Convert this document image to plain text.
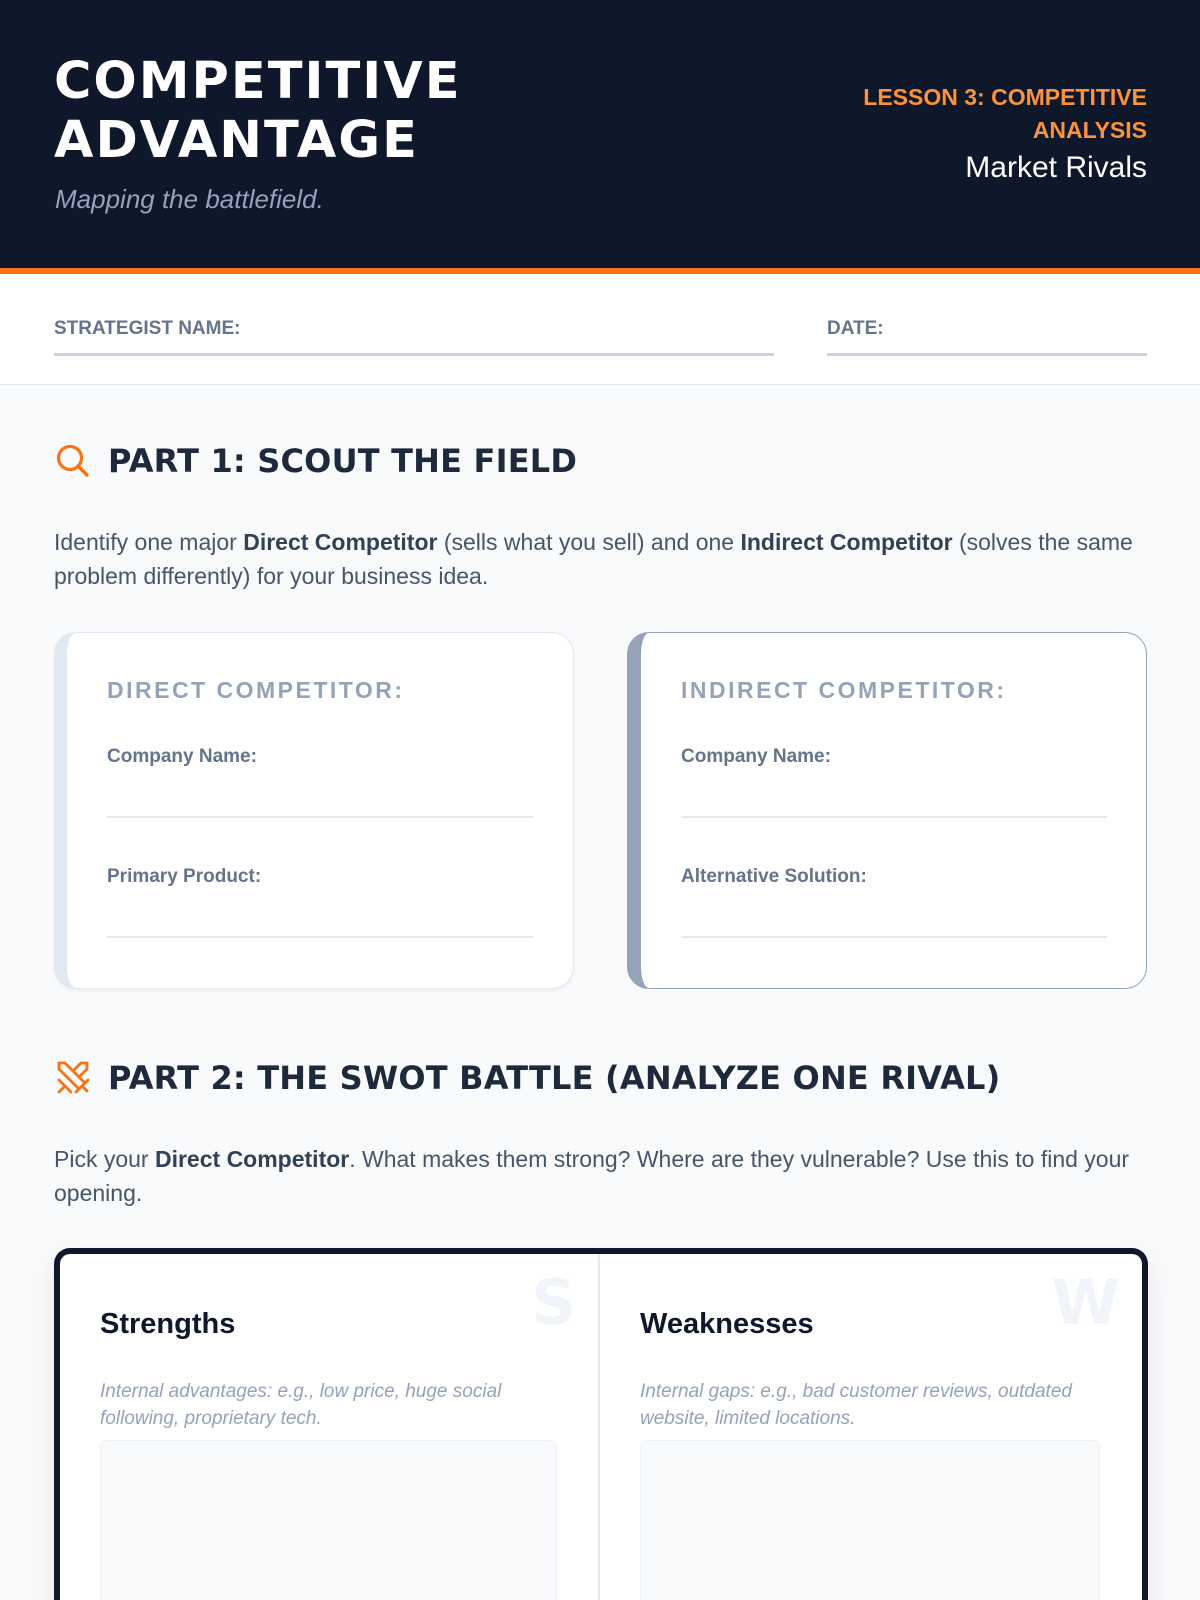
COMPETITIVE ADVANTAGE
Mapping the battlefield.
LESSON 3: COMPETITIVE ANALYSIS
Market Rivals
STRATEGIST NAME:	DATE:
PART 1: SCOUT THE FIELD

Identify one major Direct Competitor (sells what you sell) and one Indirect Competitor (solves the same problem differently) for your business idea.

DIRECT COMPETITOR:
Company Name:
Primary Product:
INDIRECT COMPETITOR:
Company Name:
Alternative Solution:
PART 2: THE SWOT BATTLE (ANALYZE ONE RIVAL)

Pick your Direct Competitor. What makes them strong? Where are they vulnerable? Use this to find your opening.

S
Strengths
Internal advantages: e.g., low price, huge social following, proprietary tech.
W
Weaknesses
Internal gaps: e.g., bad customer reviews, outdated website, limited locations.
